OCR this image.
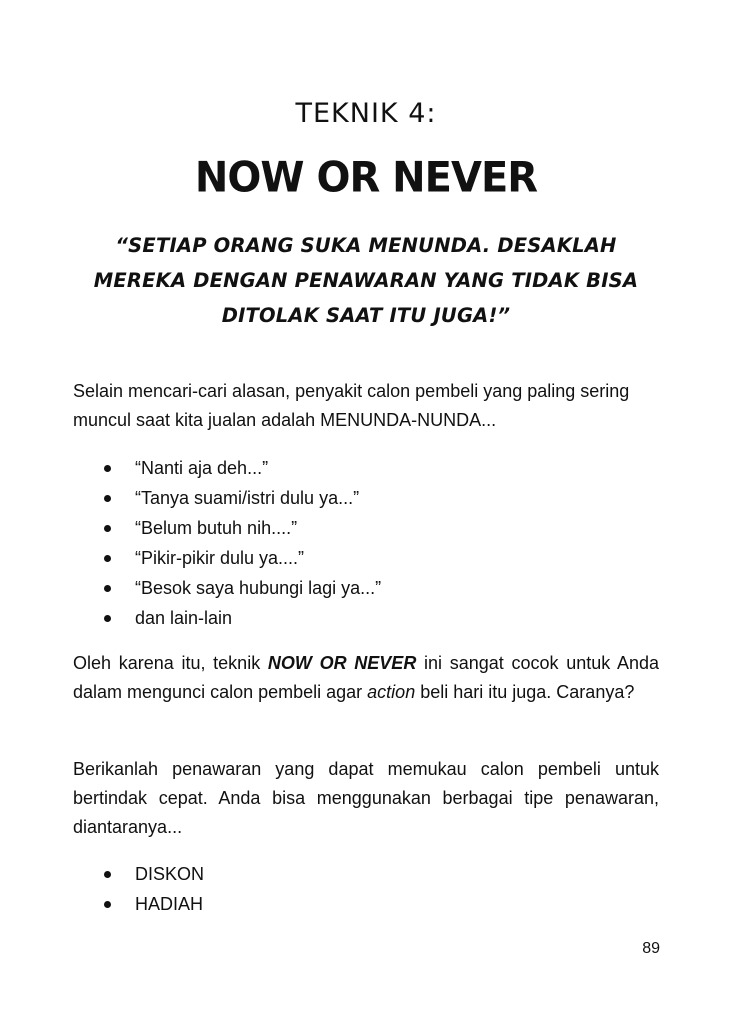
TEKNIK 4:
NOW OR NEVER
“SETIAP ORANG SUKA MENUNDA. DESAKLAH MEREKA DENGAN PENAWARAN YANG TIDAK BISA DITOLAK SAAT ITU JUGA!”

Selain mencari-cari alasan, penyakit calon pembeli yang paling sering muncul saat kita jualan adalah MENUNDA-NUNDA...

“Nanti aja deh...”
“Tanya suami/istri dulu ya...”
“Belum butuh nih....”
“Pikir-pikir dulu ya....”
“Besok saya hubungi lagi ya...”
dan lain-lain

Oleh karena itu, teknik NOW OR NEVER ini sangat cocok untuk Anda dalam mengunci calon pembeli agar action beli hari itu juga. Caranya?

Berikanlah penawaran yang dapat memukau calon pembeli untuk bertindak cepat. Anda bisa menggunakan berbagai tipe penawaran, diantaranya...

DISKON
HADIAH
89
